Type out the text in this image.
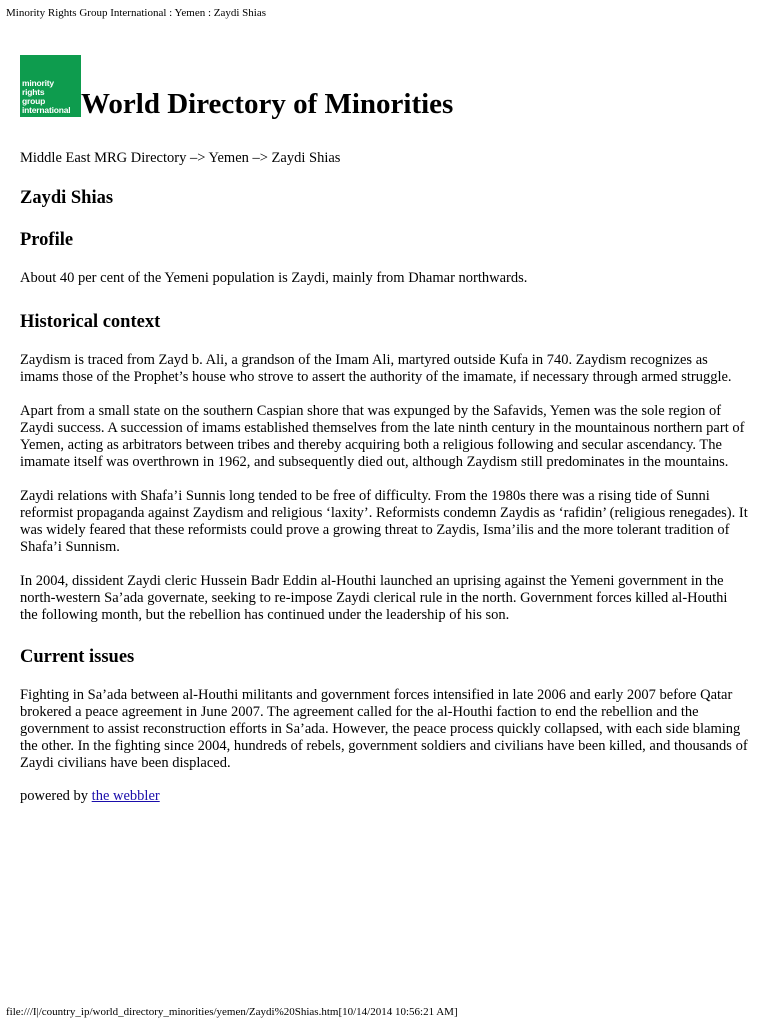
Minority Rights Group International : Yemen : Zaydi Shias
minority
rights
group
international World Directory of Minorities
Middle East MRG Directory –> Yemen –> Zaydi Shias
Zaydi Shias
Profile

About 40 per cent of the Yemeni population is Zaydi, mainly from Dhamar northwards.

Historical context

Zaydism is traced from Zayd b. Ali, a grandson of the Imam Ali, martyred outside Kufa in 740. Zaydism recognizes as imams those of the Prophet’s house who strove to assert the authority of the imamate, if necessary through armed struggle.

Apart from a small state on the southern Caspian shore that was expunged by the Safavids, Yemen was the sole region of Zaydi success. A succession of imams established themselves from the late ninth century in the mountainous northern part of Yemen, acting as arbitrators between tribes and thereby acquiring both a religious following and secular ascendancy. The imamate itself was overthrown in 1962, and subsequently died out, although Zaydism still predominates in the mountains.

Zaydi relations with Shafa’i Sunnis long tended to be free of difficulty. From the 1980s there was a rising tide of Sunni reformist propaganda against Zaydism and religious ‘laxity’. Reformists condemn Zaydis as ‘rafidin’ (religious renegades). It was widely feared that these reformists could prove a growing threat to Zaydis, Isma’ilis and the more tolerant tradition of Shafa’i Sunnism.

In 2004, dissident Zaydi cleric Hussein Badr Eddin al-Houthi launched an uprising against the Yemeni government in the north-western Sa’ada governate, seeking to re-impose Zaydi clerical rule in the north. Government forces killed al-Houthi the following month, but the rebellion has continued under the leadership of his son.

Current issues

Fighting in Sa’ada between al-Houthi militants and government forces intensified in late 2006 and early 2007 before Qatar brokered a peace agreement in June 2007. The agreement called for the al-Houthi faction to end the rebellion and the government to assist reconstruction efforts in Sa’ada. However, the peace process quickly collapsed, with each side blaming the other. In the fighting since 2004, hundreds of rebels, government soldiers and civilians have been killed, and thousands of Zaydi civilians have been displaced.

powered by the webbler
file:///I|/country_ip/world_directory_minorities/yemen/Zaydi%20Shias.htm[10/14/2014 10:56:21 AM]
